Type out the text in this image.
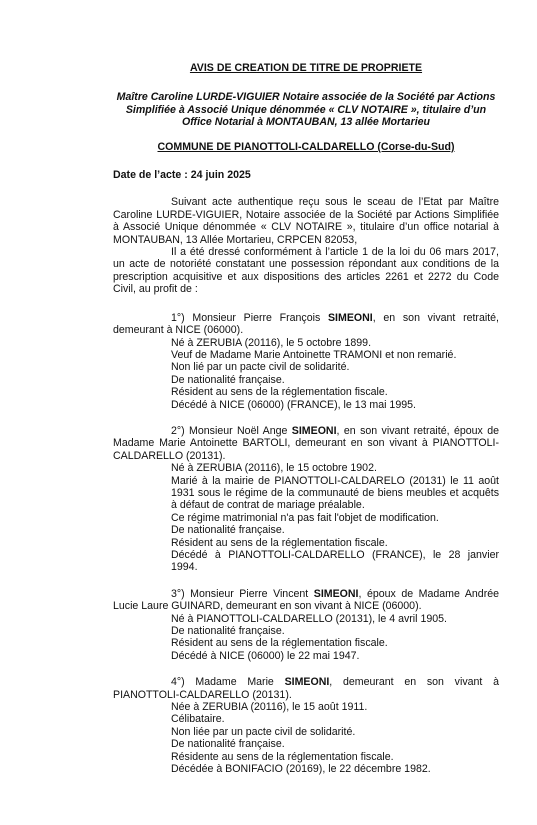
AVIS DE CREATION DE TITRE DE PROPRIETE
Maître Caroline LURDE-VIGUIER Notaire associée de la Société par Actions Simplifiée à Associé Unique dénommée « CLV NOTAIRE », titulaire d’un Office Notarial à MONTAUBAN, 13 allée Mortarieu
COMMUNE DE PIANOTTOLI-CALDARELLO (Corse-du-Sud)
Date de l’acte : 24 juin 2025

Suivant acte authentique reçu sous le sceau de l’Etat par Maître Caroline LURDE-VIGUIER, Notaire associée de la Société par Actions Simplifiée à Associé Unique dénommée « CLV NOTAIRE », titulaire d’un office notarial à MONTAUBAN, 13 Allée Mortarieu, CRPCEN 82053,

Il a été dressé conformément à l’article 1 de la loi du 06 mars 2017, un acte de notoriété constatant une possession répondant aux conditions de la prescription acquisitive et aux dispositions des articles 2261 et 2272 du Code Civil, au profit de :

1°) Monsieur Pierre François SIMEONI, en son vivant retraité, demeurant à NICE (06000).

Né à ZERUBIA (20116), le 5 octobre 1899.
Veuf de Madame Marie Antoinette TRAMONI et non remarié.
Non lié par un pacte civil de solidarité.
De nationalité française.
Résident au sens de la réglementation fiscale.
Décédé à NICE (06000) (FRANCE), le 13 mai 1995.

2°) Monsieur Noël Ange SIMEONI, en son vivant retraité, époux de Madame Marie Antoinette BARTOLI, demeurant en son vivant à PIANOTTOLI-CALDARELLO (20131).

Né à ZERUBIA (20116), le 15 octobre 1902.
Marié à la mairie de PIANOTTOLI-CALDARELO (20131) le 11 août 1931 sous le régime de la communauté de biens meubles et acquêts à défaut de contrat de mariage préalable.
Ce régime matrimonial n'a pas fait l'objet de modification.
De nationalité française.
Résident au sens de la réglementation fiscale.
Décédé à PIANOTTOLI-CALDARELLO (FRANCE), le 28 janvier 1994.

3°) Monsieur Pierre Vincent SIMEONI, époux de Madame Andrée Lucie Laure GUINARD, demeurant en son vivant à NICE (06000).

Né à PIANOTTOLI-CALDARELLO (20131), le 4 avril 1905.
De nationalité française.
Résident au sens de la réglementation fiscale.
Décédé à NICE (06000) le 22 mai 1947.

4°) Madame Marie SIMEONI, demeurant en son vivant à PIANOTTOLI-CALDARELLO (20131).

Née à ZERUBIA (20116), le 15 août 1911.
Célibataire.
Non liée par un pacte civil de solidarité.
De nationalité française.
Résidente au sens de la réglementation fiscale.
Décédée à BONIFACIO (20169), le 22 décembre 1982.
